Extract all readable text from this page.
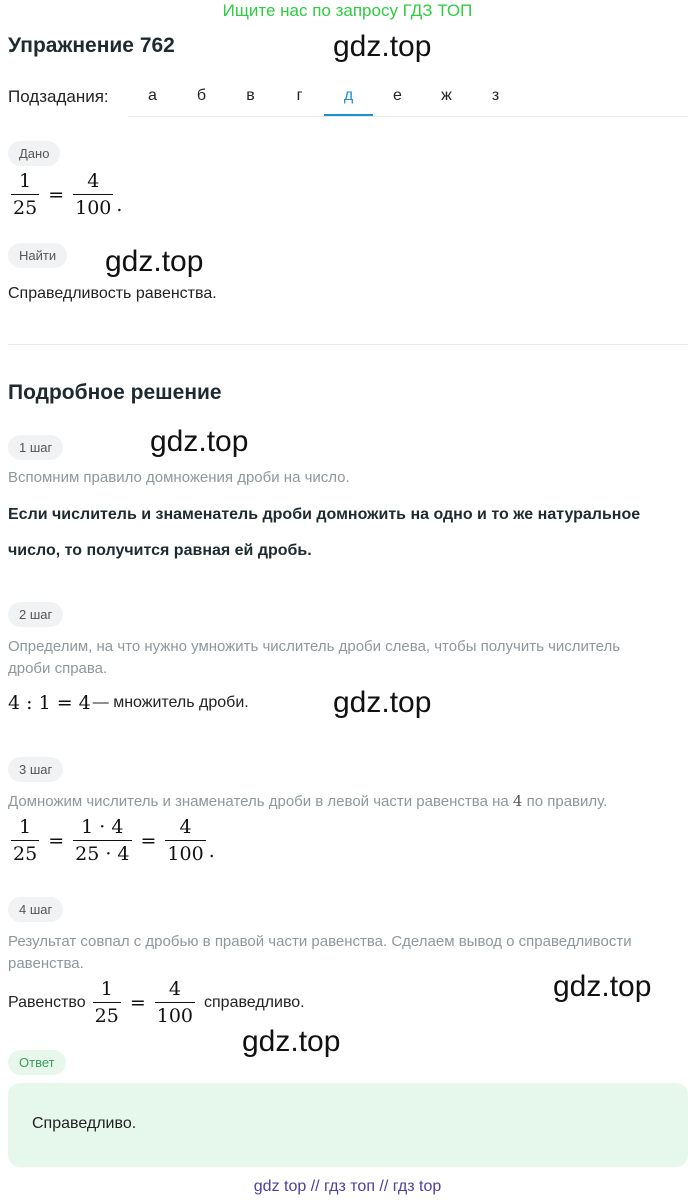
Ищите нас по запросу ГДЗ ТОП
Упражнение 762	gdz.top
Подзадания:	а	б	в	г	д	е	ж	з
Дано
$\frac{1}{25} = \frac{4}{100}$ .
Найти	gdz.top
Справедливость равенства.
Подробное решение
1 шаг	gdz.top
Вспомним правило домножения дроби на число.
Если числитель и знаменатель дроби домножить на одно и то же натуральное
число, то получится равная ей дробь.
2 шаг
Определим, на что нужно умножить числитель дроби слева, чтобы получить числитель
дроби справа.
4 : 1 = 4 — множитель дроби.	gdz.top
3 шаг
Домножим числитель и знаменатель дроби в левой части равенства на 4 по правилу.
$\frac{1}{25} = \frac{1 \cdot 4}{25 \cdot 4} = \frac{4}{100}$ .
4 шаг
Результат совпал с дробью в правой части равенства. Сделаем вывод о справедливости
равенства.
Равенство $\frac{1}{25} = \frac{4}{100}$ справедливо.	gdz.top
gdz.top
Ответ
Справедливо.
gdz top // гдз топ // гдз top
